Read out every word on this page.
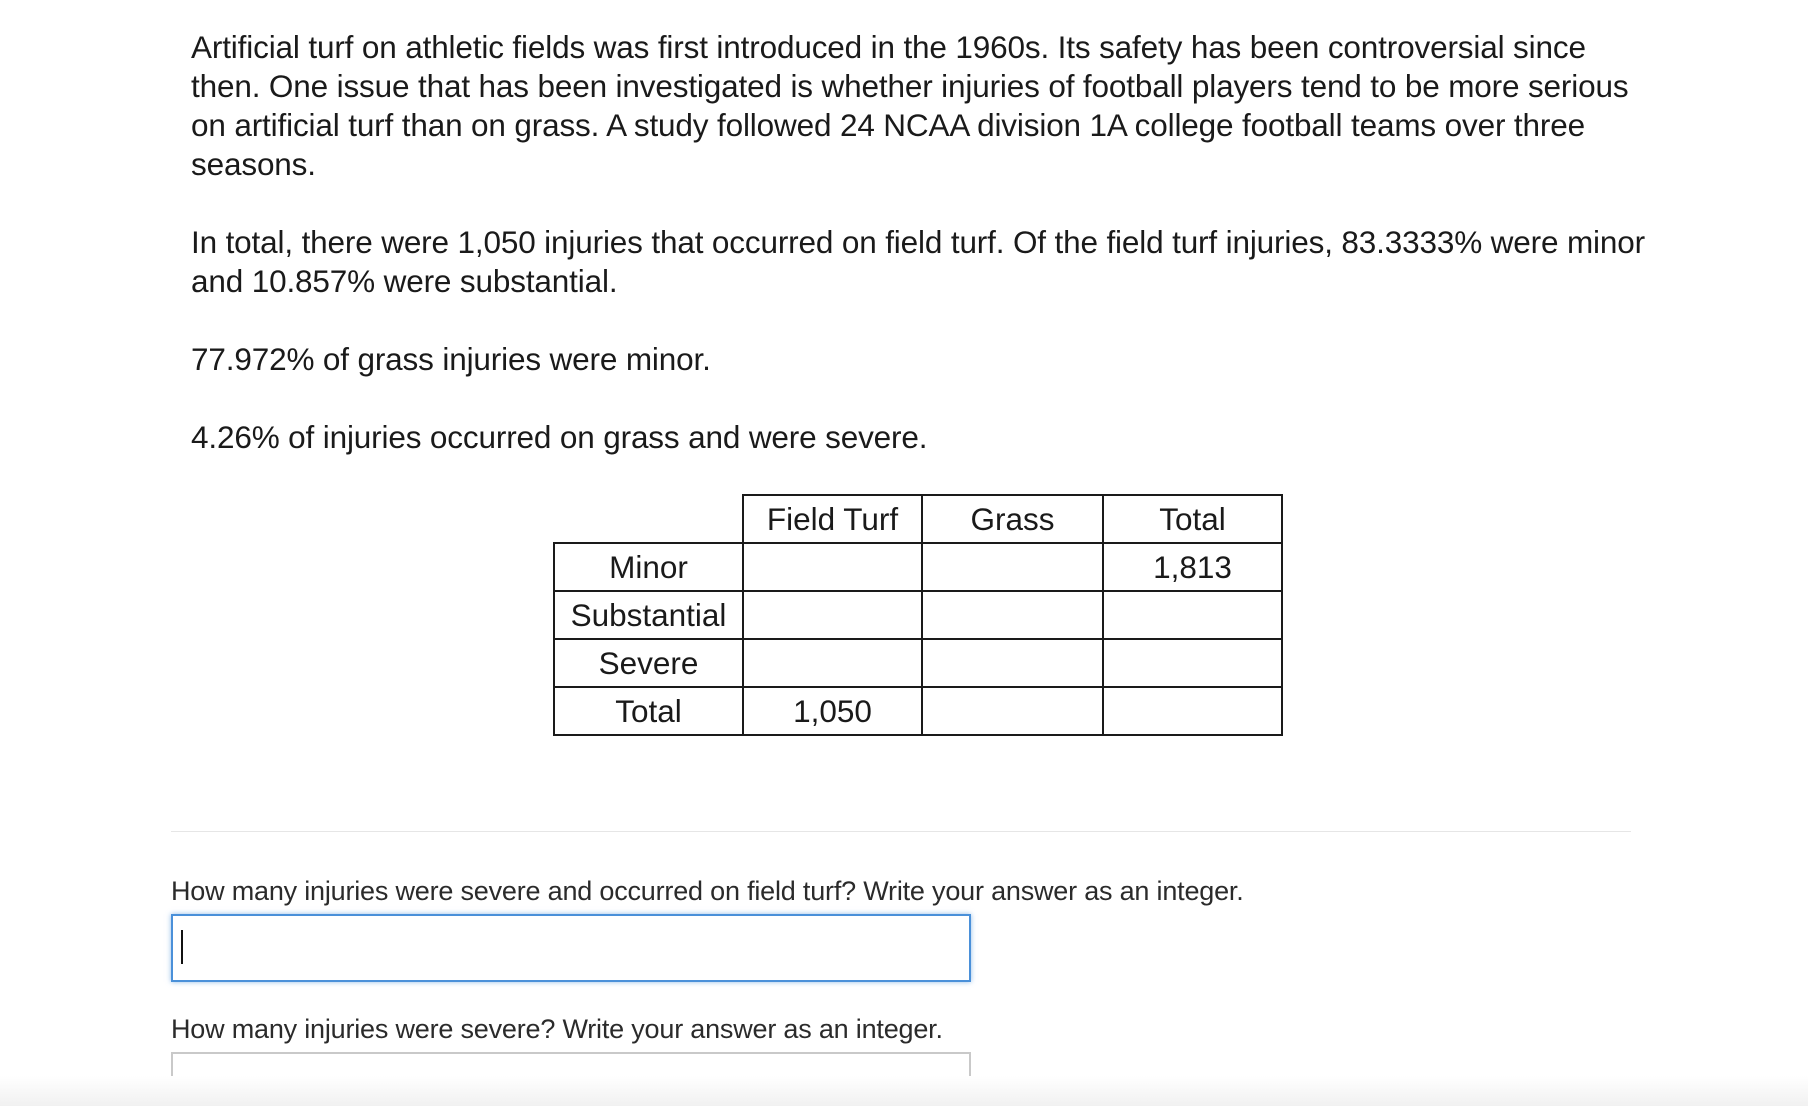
Artificial turf on athletic fields was first introduced in the 1960s. Its safety has been controversial since then. One issue that has been investigated is whether injuries of football players tend to be more serious on artificial turf than on grass. A study followed 24 NCAA division 1A college football teams over three seasons.

In total, there were 1,050 injuries that occurred on field turf. Of the field turf injuries, 83.3333% were minor and 10.857% were substantial.

77.972% of grass injuries were minor.

4.26% of injuries occurred on grass and were severe.

	Field Turf	Grass	Total
Minor			1,813
Substantial			
Severe			
Total	1,050		
How many injuries were severe and occurred on field turf? Write your answer as an integer.
How many injuries were severe? Write your answer as an integer.
